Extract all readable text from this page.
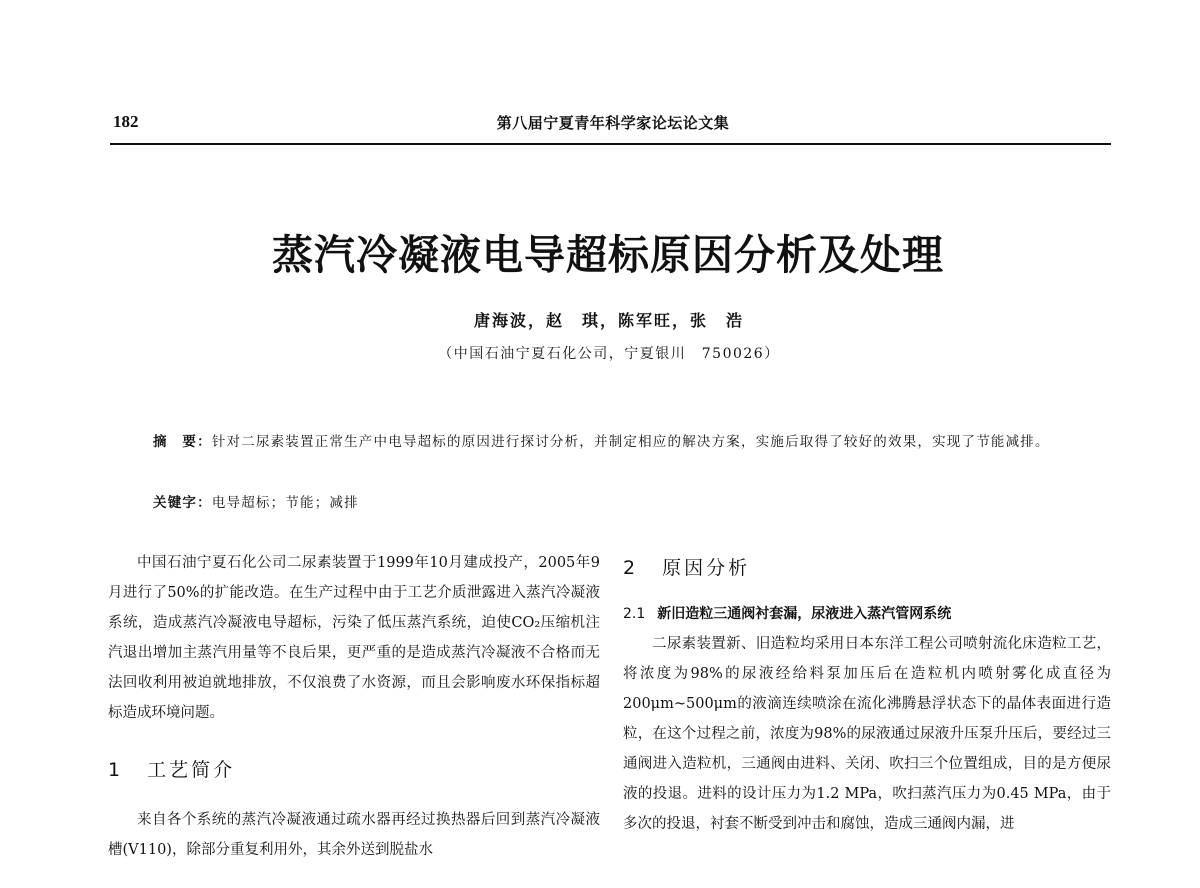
182	第八届宁夏青年科学家论坛论文集
蒸汽冷凝液电导超标原因分析及处理
唐海波，赵　琪，陈军旺，张　浩
（中国石油宁夏石化公司，宁夏银川　750026）
摘　要：针对二尿素装置正常生产中电导超标的原因进行探讨分析，并制定相应的解决方案，实施后取得了较好的效果，实现了节能减排。
关键字：电导超标；节能；减排

中国石油宁夏石化公司二尿素装置于1999年10月建成投产，2005年9月进行了50%的扩能改造。在生产过程中由于工艺介质泄露进入蒸汽冷凝液系统，造成蒸汽冷凝液电导超标，污染了低压蒸汽系统，迫使CO₂压缩机注汽退出增加主蒸汽用量等不良后果，更严重的是造成蒸汽冷凝液不合格而无法回收利用被迫就地排放，不仅浪费了水资源，而且会影响废水环保指标超标造成环境问题。

1 工艺简介

来自各个系统的蒸汽冷凝液通过疏水器再经过换热器后回到蒸汽冷凝液槽(V110)，除部分重复利用外，其余外送到脱盐水

2 原因分析
2.1 新旧造粒三通阀衬套漏，尿液进入蒸汽管网系统

二尿素装置新、旧造粒均采用日本东洋工程公司喷射流化床造粒工艺，将浓度为98%的尿液经给料泵加压后在造粒机内喷射雾化成直径为200μm~500μm的液滴连续喷涂在流化沸腾悬浮状态下的晶体表面进行造粒，在这个过程之前，浓度为98%的尿液通过尿液升压泵升压后，要经过三通阀进入造粒机，三通阀由进料、关闭、吹扫三个位置组成，目的是方便尿液的投退。进料的设计压力为1.2 MPa，吹扫蒸汽压力为0.45 MPa，由于多次的投退，衬套不断受到冲击和腐蚀，造成三通阀内漏，进
